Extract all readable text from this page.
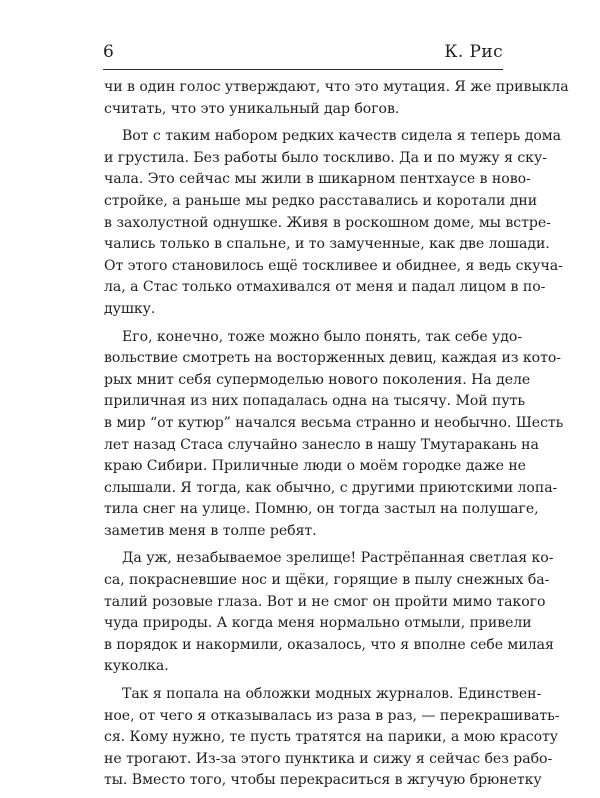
6	К. Рис
чи в один голос утверждают, что это мутация. Я же привыкла
считать, что это уникальный дар богов.
Вот с таким набором редких качеств сидела я теперь дома
и грустила. Без работы было тоскливо. Да и по мужу я ску-
чала. Это сейчас мы жили в шикарном пентхаусе в ново-
стройке, а раньше мы редко расставались и коротали дни
в захолустной однушке. Живя в роскошном доме, мы встре-
чались только в спальне, и то замученные, как две лошади.
От этого становилось ещё тоскливее и обиднее, я ведь скуча-
ла, а Стас только отмахивался от меня и падал лицом в по-
душку.
Его, конечно, тоже можно было понять, так себе удо-
вольствие смотреть на восторженных девиц, каждая из кото-
рых мнит себя супермоделью нового поколения. На деле
приличная из них попадалась одна на тысячу. Мой путь
в мир “от кутюр” начался весьма странно и необычно. Шесть
лет назад Стаса случайно занесло в нашу Тмутаракань на
краю Сибири. Приличные люди о моём городке даже не
слышали. Я тогда, как обычно, с другими приютскими лопа-
тила снег на улице. Помню, он тогда застыл на полушаге,
заметив меня в толпе ребят.
Да уж, незабываемое зрелище! Растрёпанная светлая ко-
са, покрасневшие нос и щёки, горящие в пылу снежных ба-
талий розовые глаза. Вот и не смог он пройти мимо такого
чуда природы. А когда меня нормально отмыли, привели
в порядок и накормили, оказалось, что я вполне себе милая
куколка.
Так я попала на обложки модных журналов. Единствен-
ное, от чего я отказывалась из раза в раз, — перекрашивать-
ся. Кому нужно, те пусть тратятся на парики, а мою красоту
не трогают. Из-за этого пунктика и сижу я сейчас без рабо-
ты. Вместо того, чтобы перекраситься в жгучую брюнетку
